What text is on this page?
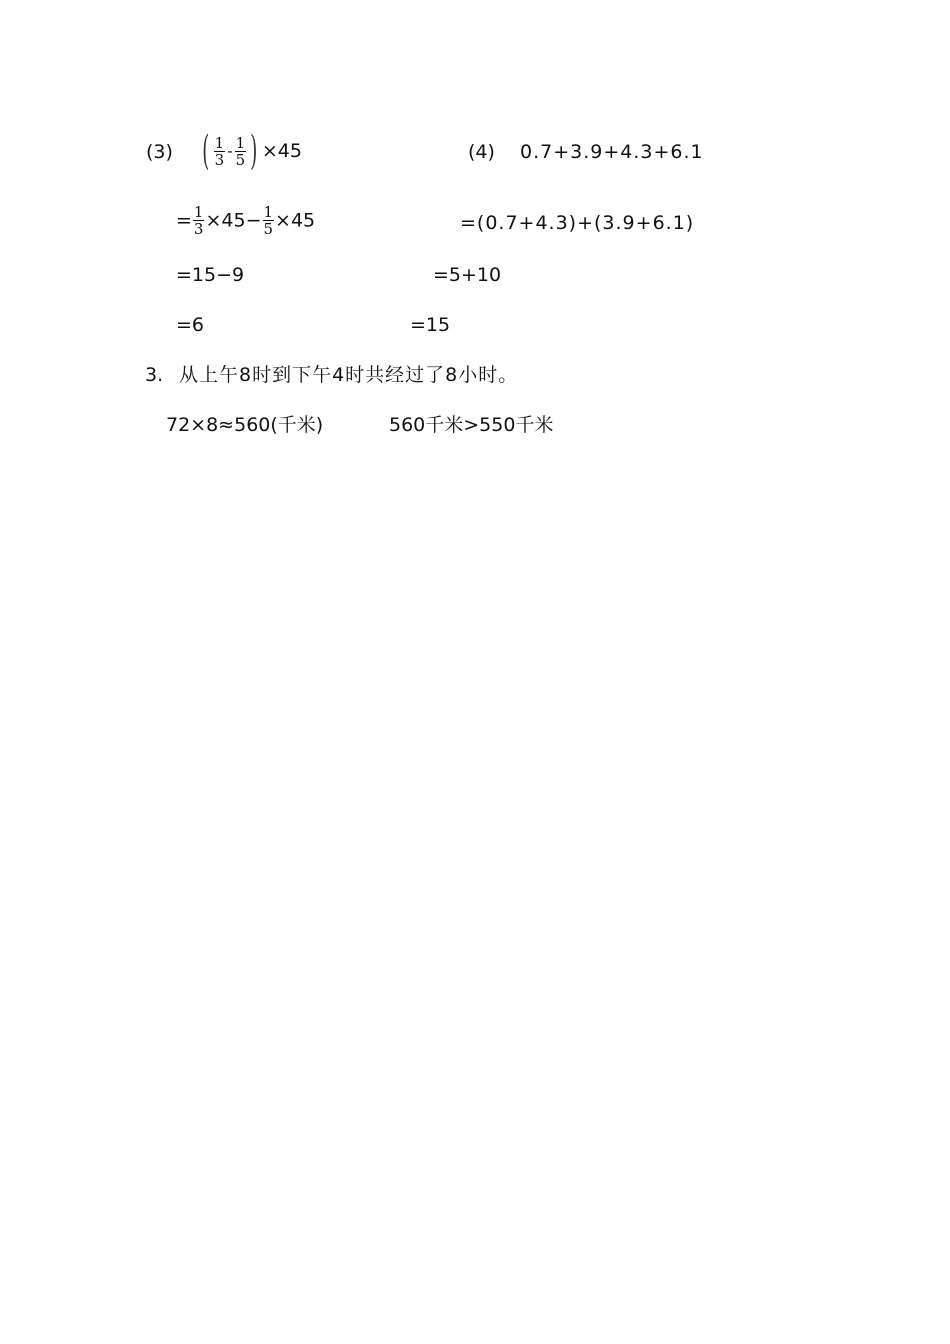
(3) ( $\frac{1}{3} - \frac{1}{5}$ ) ×45
= $\frac{1}{3} \times 45- \frac{1}{5} \times 45$
=15−9
=6
(4) 0.7+3.9+4.3+6.1
=(0.7+4.3)+(3.9+6.1)
=5+10
=15
3. 从上午8时到下午4时共经过了8小时。
72×8≈560(千米)	560千米>550千米
